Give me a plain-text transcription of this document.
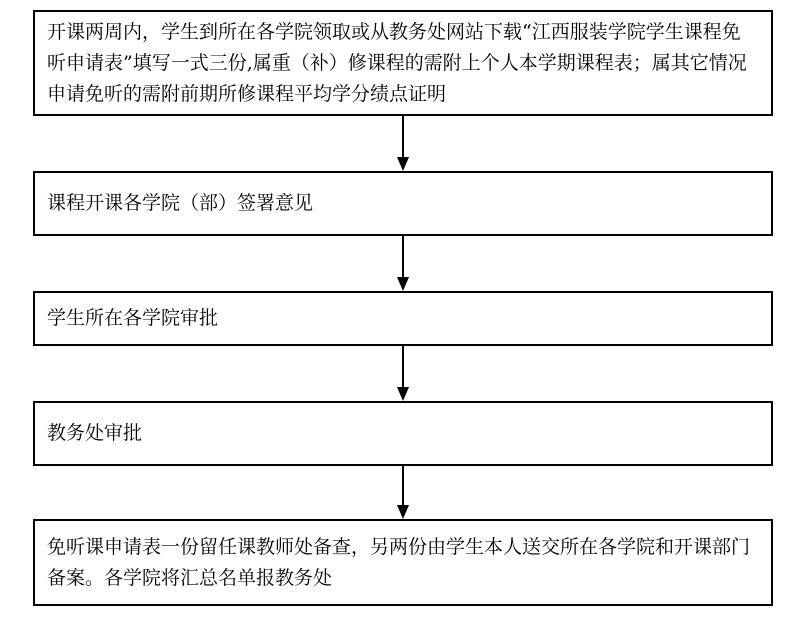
开课两周内，学生到所在各学院领取或从教务处网站下载“江西服装学院学生课程免听申请表”填写一式三份,属重（补）修课程的需附上个人本学期课程表；属其它情况申请免听的需附前期所修课程平均学分绩点证明
课程开课各学院（部）签署意见
学生所在各学院审批
教务处审批
免听课申请表一份留任课教师处备查，另两份由学生本人送交所在各学院和开课部门备案。各学院将汇总名单报教务处
